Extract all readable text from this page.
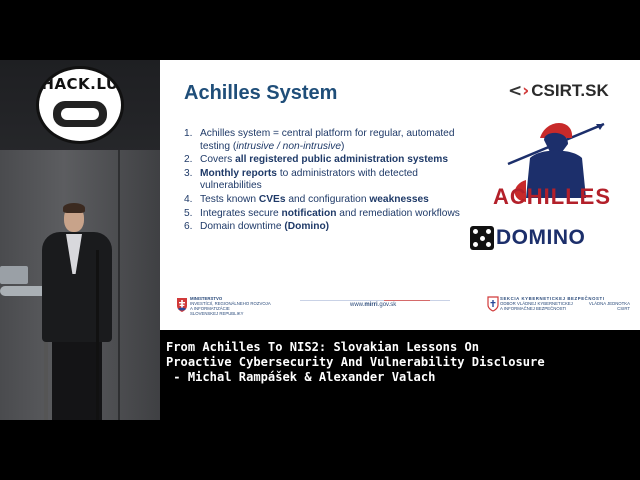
HACK.LU	Achilles System	<› CSIRT.SK
1. Achilles system = central platform for regular, automated testing (intrusive / non-intrusive)
2. Covers all registered public administration systems
3. Monthly reports to administrators with detected vulnerabilities
4. Tests known CVEs and configuration weaknesses
5. Integrates secure notification and remediation workflows
6. Domain downtime (Domino)
ACHILLES
DOMINO
MINISTERSTVO
INVESTÍCIÍ, REGIONÁLNEHO ROZVOJA
A INFORMATIZÁCIE
SLOVENSKEJ REPUBLIKY
www.mirri.gov.sk
SEKCIA KYBERNETICKEJ BEZPEČNOSTI
ODBOR VLÁDNEJ KYBERNETICKEJ
A INFORMAČNEJ BEZPEČNOSTI
VLÁDNA JEDNOTKA
CSIRT
From Achilles To NIS2: Slovakian Lessons On
Proactive Cybersecurity And Vulnerability Disclosure
- Michal Rampášek & Alexander Valach
